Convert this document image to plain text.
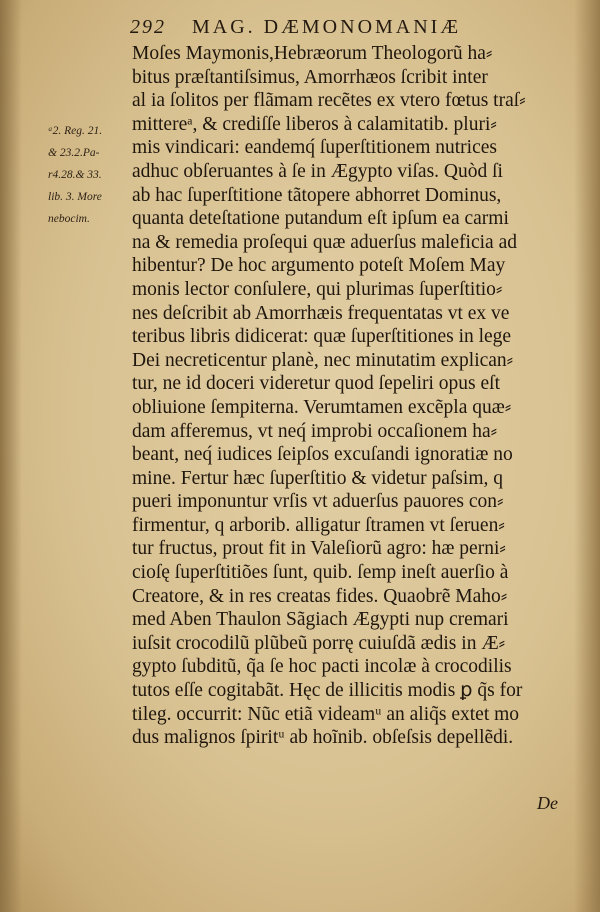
292 MAG. DÆMONOMANIÆ
ᵃ2. Reg. 21.
& 23.2.Pa-
r4.28.& 33.
lib. 3. More
nebocim.
Moſes Maymonis,Hebræorum Theologorũ ha⸗
bitus præſtantiſsimus, Amorrhæos ſcribit inter
al ia ſolitos per flãmam recẽtes ex vtero fœtus traſ⸗
mittereᵃ, & crediſſe liberos à calamitatib. pluri⸗
mis vindicari: eandemq́ ſuperſtitionem nutrices
adhuc obſeruantes à ſe in Ægypto viſas. Quòd ſi
ab hac ſuperſtitione tãtopere abhorret Dominus,
quanta deteſtatione putandum eſt ipſum ea carmi
na & remedia proſequi quæ aduerſus maleficia ad
hibentur? De hoc argumento poteſt Moſem May
monis lector conſulere, qui plurimas ſuperſtitio⸗
nes deſcribit ab Amorrhæis frequentatas vt ex ve
teribus libris didicerat: quæ ſuperſtitiones in lege
Dei necreticentur planè, nec minutatim explican⸗
tur, ne id doceri videretur quod ſepeliri opus eſt
obliuione ſempiterna. Verumtamen excẽpla quæ⸗
dam afferemus, vt neq́ improbi occaſionem ha⸗
beant, neq́ iudices ſeipſos excuſandi ignoratiæ no
mine. Fertur hæc ſuperſtitio & videtur paſsim, q
pueri imponuntur vrſis vt aduerſus pauores con⸗
firmentur, q arborib. alligatur ſtramen vt ſeruen⸗
tur fructus, prout fit in Valeſiorũ agro: hæ perni⸗
cioſę ſuperſtitiões ſunt, quib. ſemp ineſt auerſio à
Creatore, & in res creatas fides. Quaobrẽ Maho⸗
med Aben Thaulon Sãgiach Ægypti nup cremari
iuſsit crocodilũ plũbeũ porrę cuiuſdã ædis in Æ⸗
gypto ſubditũ, q̃a ſe hoc pacti incolæ à crocodilis
tutos eſſe cogitabãt. Hęc de illicitis modis ꝑ q̃s for
tileg. occurrit: Nũc etiã videamᵘ an aliq̃s extet mo
dus malignos ſpiritᵘ ab hoĩnib. obſeſsis depellẽdi.
De
